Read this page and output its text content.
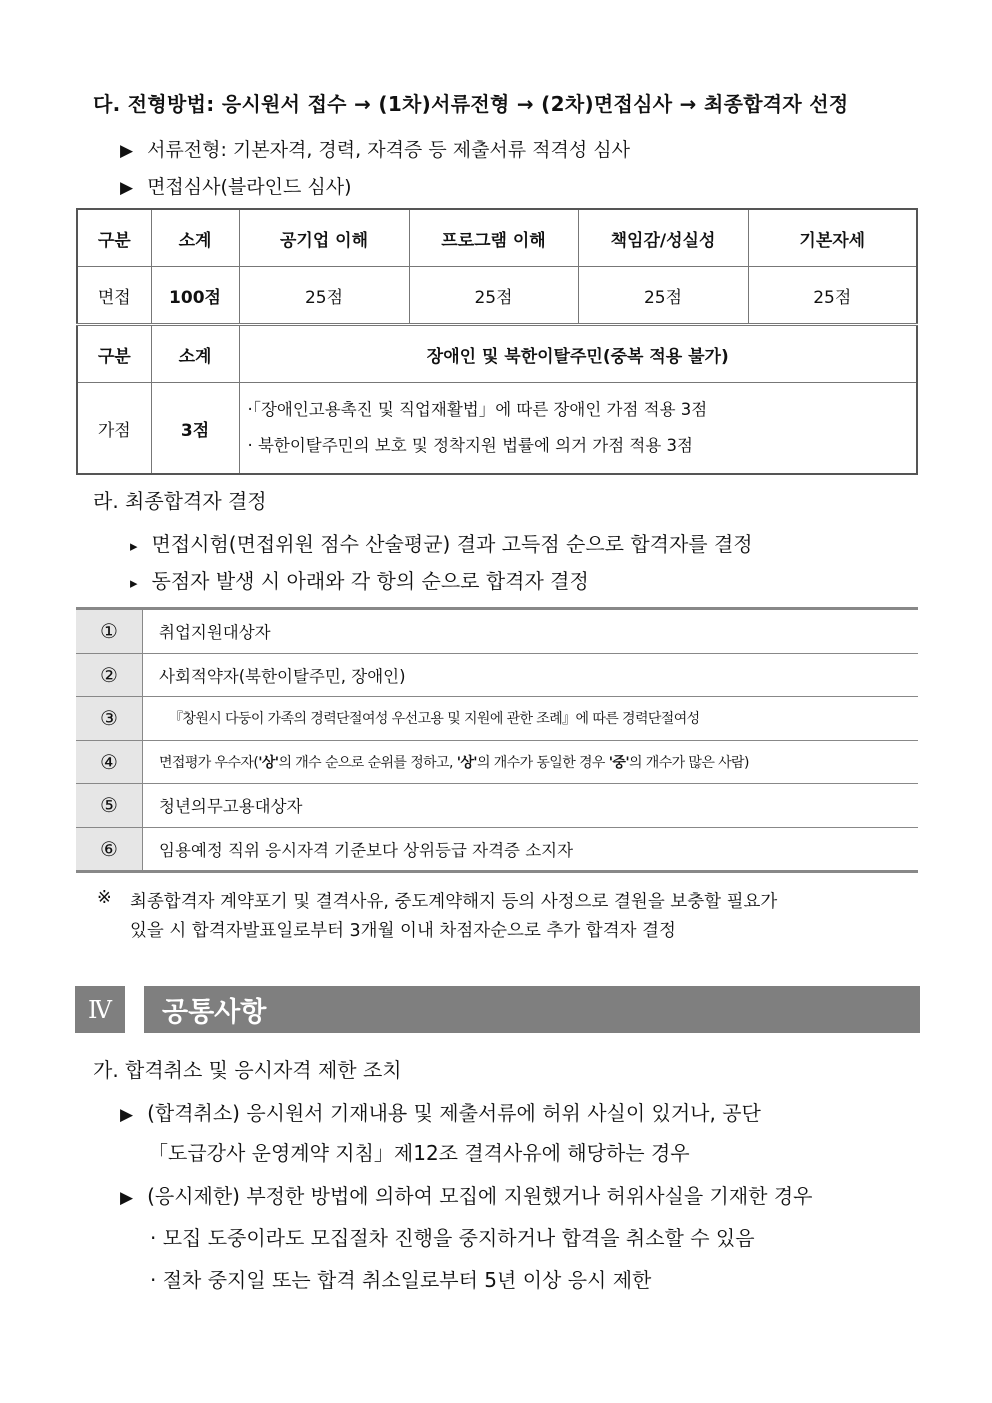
다. 전형방법: 응시원서 접수 → (1차)서류전형 → (2차)면접심사 → 최종합격자 선정
▶ 서류전형: 기본자격, 경력, 자격증 등 제출서류 적격성 심사
▶ 면접심사(블라인드 심사)
구분	소계	공기업 이해	프로그램 이해	책임감/성실성	기본자세
면접	100점	25점	25점	25점	25점
구분	소계	장애인 및 북한이탈주민(중복 적용 불가)			
가점	3점	·「장애인고용촉진 및 직업재활법」에 따른 장애인 가점 적용 3점
· 북한이탈주민의 보호 및 정착지원 법률에 의거 가점 적용 3점			
라. 최종합격자 결정
▸ 면접시험(면접위원 점수 산술평균) 결과 고득점 순으로 합격자를 결정
▸ 동점자 발생 시 아래와 각 항의 순으로 합격자 결정
①	취업지원대상자
②	사회적약자(북한이탈주민, 장애인)
③	『창원시 다둥이 가족의 경력단절여성 우선고용 및 지원에 관한 조례』에 따른 경력단절여성
④	면접평가 우수자('상'의 개수 순으로 순위를 정하고, '상'의 개수가 동일한 경우 '중'의 개수가 많은 사람)
⑤	청년의무고용대상자
⑥	임용예정 직위 응시자격 기준보다 상위등급 자격증 소지자
※ 최종합격자 계약포기 및 결격사유, 중도계약해지 등의 사정으로 결원을 보충할 필요가
있을 시 합격자발표일로부터 3개월 이내 차점자순으로 추가 합격자 결정
Ⅳ	공통사항
가. 합격취소 및 응시자격 제한 조치
▶ (합격취소) 응시원서 기재내용 및 제출서류에 허위 사실이 있거나, 공단
「도급강사 운영계약 지침」제12조 결격사유에 해당하는 경우
▶ (응시제한) 부정한 방법에 의하여 모집에 지원했거나 허위사실을 기재한 경우
· 모집 도중이라도 모집절차 진행을 중지하거나 합격을 취소할 수 있음
· 절차 중지일 또는 합격 취소일로부터 5년 이상 응시 제한
